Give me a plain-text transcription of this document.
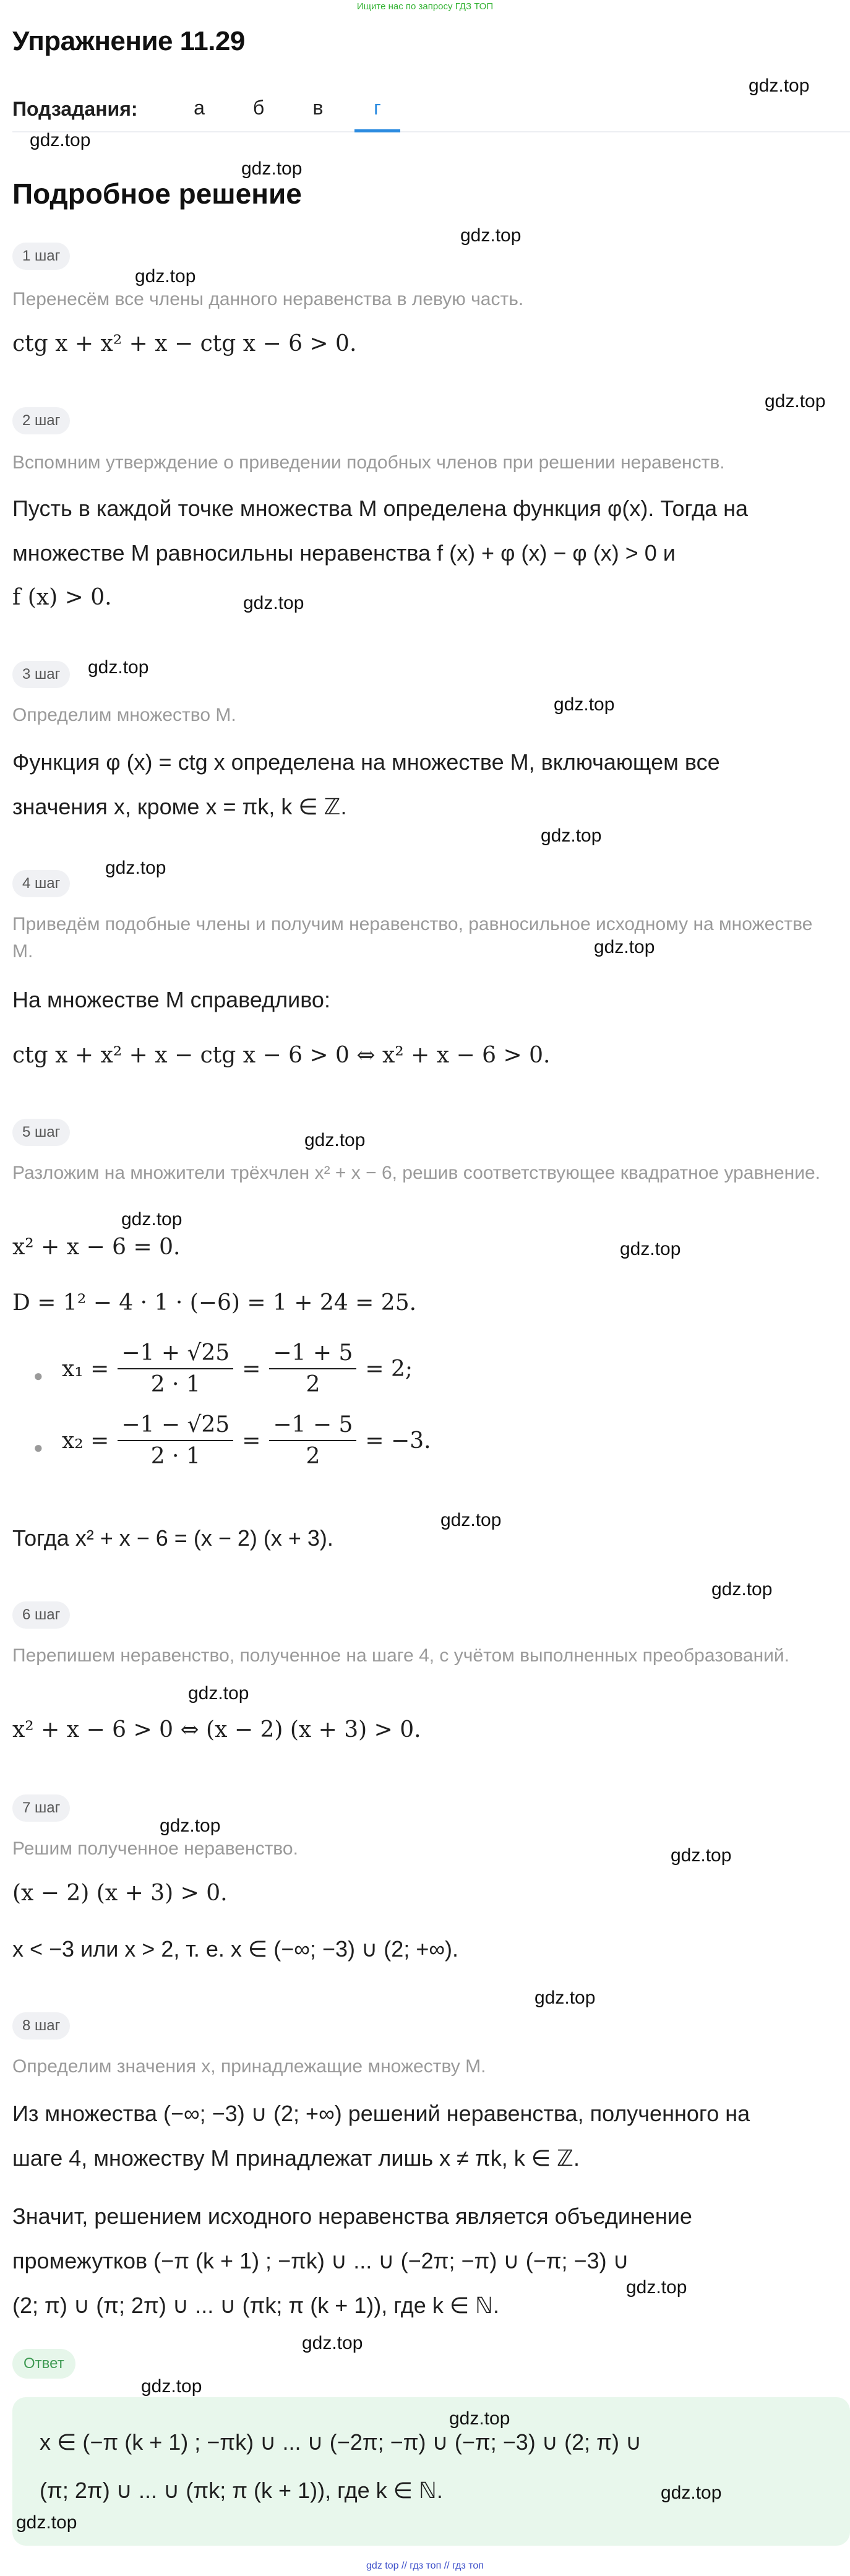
Ищите нас по запросу ГДЗ ТОП
Упражнение 11.29
Подзадания:	а	б	в	г
Подробное решение
1 шаг
Перенесём все члены данного неравенства в левую часть.
ctg x + x² + x − ctg x − 6 > 0.
2 шаг
Вспомним утверждение о приведении подобных членов при решении неравенств.
Пусть в каждой точке множества M определена функция φ(x). Тогда на
множестве M равносильны неравенства f (x) + φ (x) − φ (x) > 0 и
f (x) > 0.
3 шаг
Определим множество M.
Функция φ (x) = ctg x определена на множестве M, включающем все
значения x, кроме x = πk, k ∈ ℤ.
4 шаг
Приведём подобные члены и получим неравенство, равносильное исходному на множестве M.
На множестве M справедливо:
ctg x + x² + x − ctg x − 6 > 0 ⇔ x² + x − 6 > 0.
5 шаг
Разложим на множители трёхчлен x² + x − 6, решив соответствующее квадратное уравнение.
x² + x − 6 = 0.
D = 1² − 4 · 1 · (−6) = 1 + 24 = 25.
● $x_1 = \frac{-1 + √25}{2 \cdot 1} = \frac{-1 + 5}{2} = 2$;
● $x_2 = \frac{-1 - √25}{2 \cdot 1} = \frac{-1 - 5}{2} = -3$.
Тогда x² + x − 6 = (x − 2) (x + 3).
6 шаг
Перепишем неравенство, полученное на шаге 4, с учётом выполненных преобразований.
x² + x − 6 > 0 ⇔ (x − 2) (x + 3) > 0.
7 шаг
Решим полученное неравенство.
(x − 2) (x + 3) > 0.
x < −3 или x > 2, т. е. x ∈ (−∞; −3) ∪ (2; +∞).
8 шаг
Определим значения x, принадлежащие множеству M.
Из множества (−∞; −3) ∪ (2; +∞) решений неравенства, полученного на
шаге 4, множеству M принадлежат лишь x ≠ πk, k ∈ ℤ.
Значит, решением исходного неравенства является объединение
промежутков (−π (k + 1) ; −πk) ∪ ... ∪ (−2π; −π) ∪ (−π; −3) ∪
(2; π) ∪ (π; 2π) ∪ ... ∪ (πk; π (k + 1)), где k ∈ ℕ.
Ответ
x ∈ (−π (k + 1) ; −πk) ∪ ... ∪ (−2π; −π) ∪ (−π; −3) ∪ (2; π) ∪
(π; 2π) ∪ ... ∪ (πk; π (k + 1)), где k ∈ ℕ.
gdz.top
gdz.top
gdz.top
gdz.top
gdz.top
gdz.top
gdz.top
gdz.top
gdz.top
gdz.top
gdz.top
gdz.top
gdz.top
gdz.top
gdz.top
gdz.top
gdz.top
gdz.top
gdz.top
gdz.top
gdz.top
gdz.top
gdz.top
gdz.top
gdz.top
gdz.top
gdz.top
gdz top // гдз топ // гдз топ
